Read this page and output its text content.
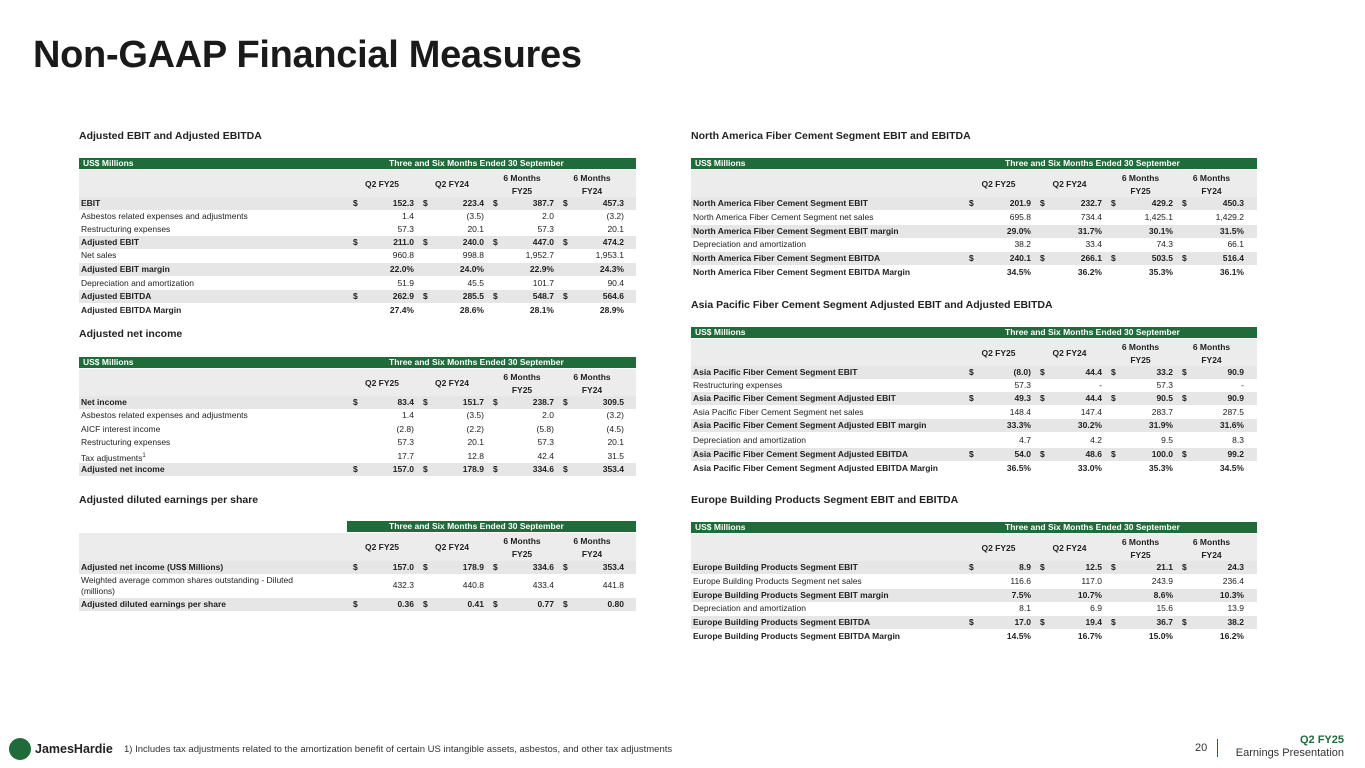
Non-GAAP Financial Measures
Adjusted EBIT and Adjusted EBITDA
US$ Millions	Three and Six Months Ended 30 September
Q2 FY25	Q2 FY24
6 Months
FY25
6 Months
FY24
EBIT	$	152.3 $	223.4 $	387.7 $	457.3
Asbestos related expenses and adjustments	1.4	(3.5)	2.0	(3.2)
Restructuring expenses	57.3	20.1	57.3	20.1
Adjusted EBIT	$	211.0 $	240.0 $	447.0 $	474.2
Net sales	960.8	998.8	1,952.7	1,953.1
Adjusted EBIT margin	22.0%	24.0%	22.9%	24.3%
Depreciation and amortization	51.9	45.5	101.7	90.4
Adjusted EBITDA	$	262.9 $	285.5 $	548.7 $	564.6
Adjusted EBITDA Margin	27.4%	28.6%	28.1%	28.9%
Adjusted net income
US$ Millions	Three and Six Months Ended 30 September
Q2 FY25	Q2 FY24
6 Months
FY25
6 Months
FY24
Net income	$	83.4 $	151.7 $	238.7 $	309.5
Asbestos related expenses and adjustments	1.4	(3.5)	2.0	(3.2)
AICF interest income	(2.8)	(2.2)	(5.8)	(4.5)
Restructuring expenses	57.3	20.1	57.3	20.1
Tax adjustments$^1$	17.7	12.8	42.4	31.5
Adjusted net income	$	157.0 $	178.9 $	334.6 $	353.4
Adjusted diluted earnings per share
Three and Six Months Ended 30 September
Q2 FY25	Q2 FY24
6 Months
FY25
6 Months
FY24
Adjusted net income (US$ Millions)	$	157.0 $	178.9 $	334.6 $	353.4
Weighted average common shares outstanding - Diluted (millions)
432.3	440.8	433.4	441.8
Adjusted diluted earnings per share	$	0.36 $	0.41 $	0.77 $	0.80
North America Fiber Cement Segment EBIT and EBITDA
US$ Millions	Three and Six Months Ended 30 September
Q2 FY25	Q2 FY24
6 Months
FY25
6 Months
FY24
North America Fiber Cement Segment EBIT	$	201.9 $	232.7 $	429.2 $	450.3
North America Fiber Cement Segment net sales	695.8	734.4	1,425.1	1,429.2
North America Fiber Cement Segment EBIT margin	29.0%	31.7%	30.1%	31.5%
Depreciation and amortization	38.2	33.4	74.3	66.1
North America Fiber Cement Segment EBITDA	$	240.1 $	266.1 $	503.5 $	516.4
North America Fiber Cement Segment EBITDA Margin	34.5%	36.2%	35.3%	36.1%
Asia Pacific Fiber Cement Segment Adjusted EBIT and Adjusted EBITDA
US$ Millions	Three and Six Months Ended 30 September
Q2 FY25	Q2 FY24
6 Months
FY25
6 Months
FY24
Asia Pacific Fiber Cement Segment EBIT	$	(8.0) $	44.4 $	33.2 $	90.9
Restructuring expenses	57.3	-	57.3	-
Asia Pacific Fiber Cement Segment Adjusted EBIT	$	49.3 $	44.4 $	90.5 $	90.9
Asia Pacific Fiber Cement Segment net sales	148.4	147.4	283.7	287.5
Asia Pacific Fiber Cement Segment Adjusted EBIT margin	33.3%	30.2%	31.9%	31.6%
Depreciation and amortization	4.7	4.2	9.5	8.3
Asia Pacific Fiber Cement Segment Adjusted EBITDA	$	54.0 $	48.6 $	100.0 $	99.2
Asia Pacific Fiber Cement Segment Adjusted EBITDA Margin	36.5%	33.0%	35.3%	34.5%
Europe Building Products Segment EBIT and EBITDA
US$ Millions	Three and Six Months Ended 30 September
Q2 FY25	Q2 FY24
6 Months
FY25
6 Months
FY24
Europe Building Products Segment EBIT	$	8.9 $	12.5 $	21.1 $	24.3
Europe Building Products Segment net sales	116.6	117.0	243.9	236.4
Europe Building Products Segment EBIT margin	7.5%	10.7%	8.6%	10.3%
Depreciation and amortization	8.1	6.9	15.6	13.9
Europe Building Products Segment EBITDA	$	17.0 $	19.4 $	36.7 $	38.2
Europe Building Products Segment EBITDA Margin	14.5%	16.7%	15.0%	16.2%
JamesHardie 1) Includes tax adjustments related to the amortization benefit of certain US intangible assets, asbestos, and other tax adjustments	20
Q2 FY25
Earnings Presentation
